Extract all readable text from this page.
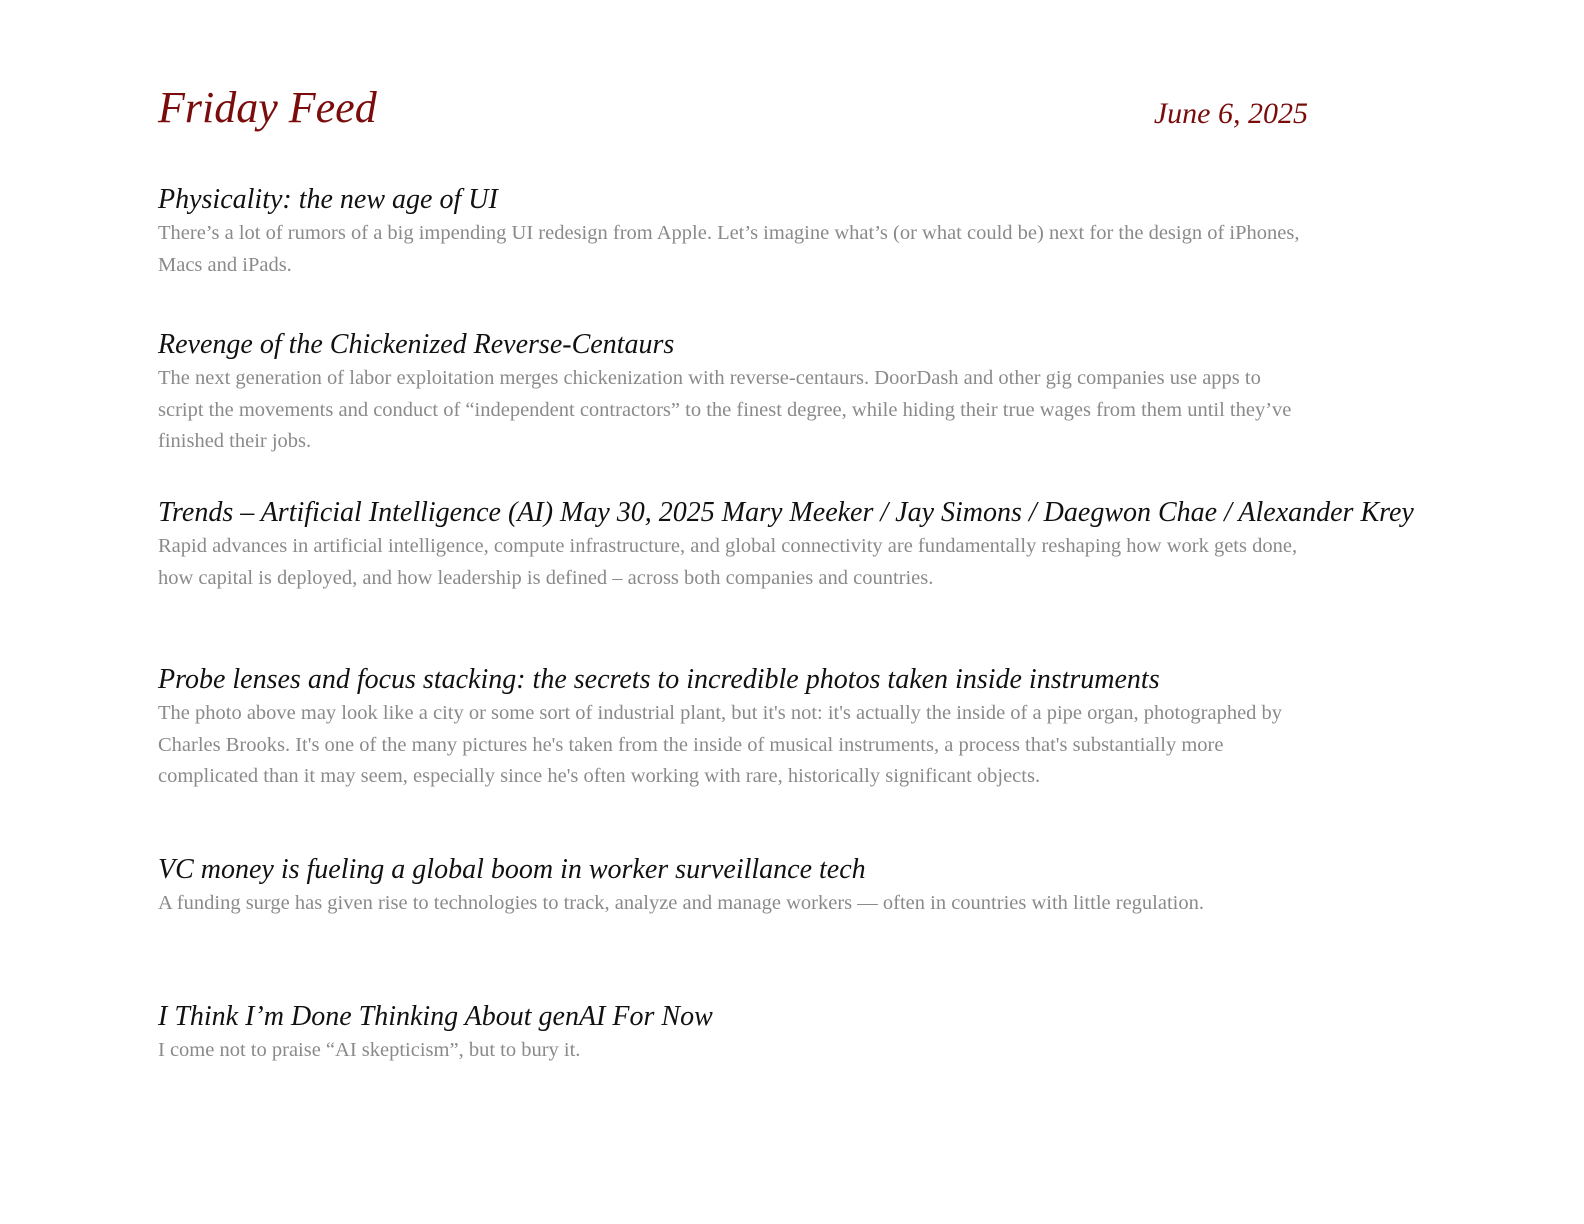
Friday Feed	June 6, 2025
Physicality: the new age of UI

There’s a lot of rumors of a big impending UI redesign from Apple. Let’s imagine what’s (or what could be) next for the design of iPhones, Macs and iPads.

Revenge of the Chickenized Reverse-Centaurs

The next generation of labor exploitation merges chickenization with reverse-centaurs. DoorDash and other gig companies use apps to script the movements and conduct of “independent contractors” to the finest degree, while hiding their true wages from them until they’ve finished their jobs.

Trends – Artificial Intelligence (AI) May 30, 2025 Mary Meeker / Jay Simons / Daegwon Chae / Alexander Krey

Rapid advances in artificial intelligence, compute infrastructure, and global connectivity are fundamentally reshaping how work gets done, how capital is deployed, and how leadership is defined – across both companies and countries.

Probe lenses and focus stacking: the secrets to incredible photos taken inside instruments

The photo above may look like a city or some sort of industrial plant, but it's not: it's actually the inside of a pipe organ, photographed by Charles Brooks. It's one of the many pictures he's taken from the inside of musical instruments, a process that's substantially more complicated than it may seem, especially since he's often working with rare, historically significant objects.

VC money is fueling a global boom in worker surveillance tech

A funding surge has given rise to technologies to track, analyze and manage workers — often in countries with little regulation.

I Think I’m Done Thinking About genAI For Now

I come not to praise “AI skepticism”, but to bury it.
